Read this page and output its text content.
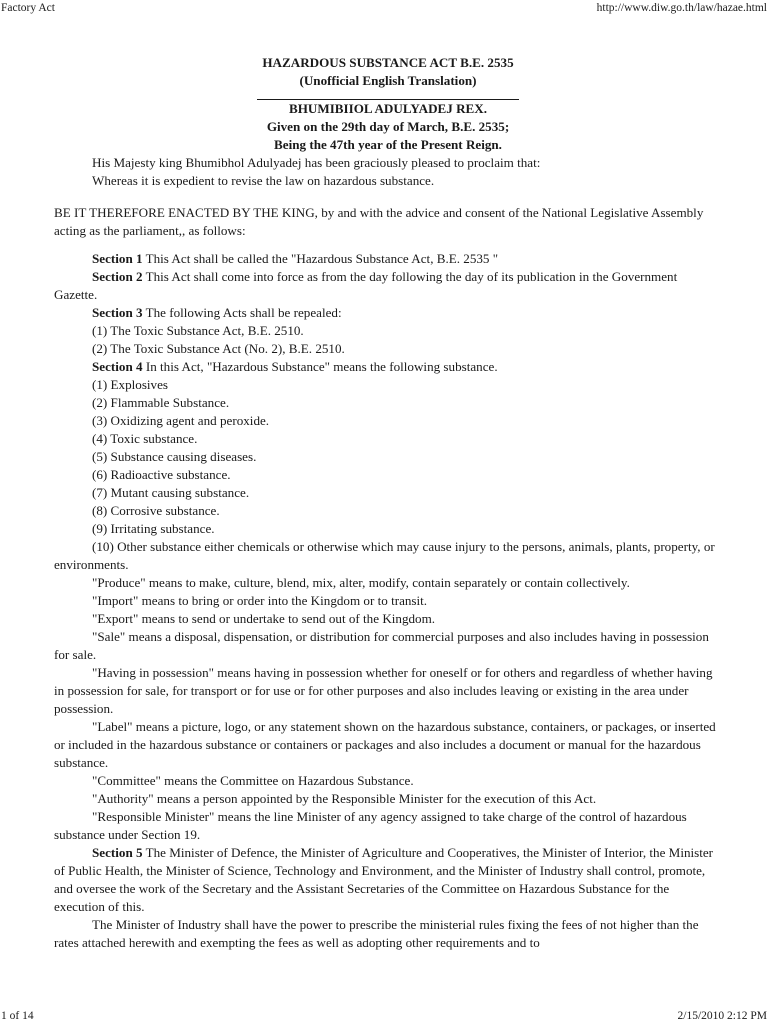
Factory Act	http://www.diw.go.th/law/hazae.html

HAZARDOUS SUBSTANCE ACT B.E. 2535

(Unofficial English Translation)

BHUMIBIIOL ADULYADEJ REX.

Given on the 29th day of March, B.E. 2535;

Being the 47th year of the Present Reign.

His Majesty king Bhumibhol Adulyadej has been graciously pleased to proclaim that:

Whereas it is expedient to revise the law on hazardous substance.

BE IT THEREFORE ENACTED BY THE KING, by and with the advice and consent of the National Legislative Assembly acting as the parliament,, as follows:

Section 1 This Act shall be called the "Hazardous Substance Act, B.E. 2535 "

Section 2 This Act shall come into force as from the day following the day of its publication in the Government Gazette.

Section 3 The following Acts shall be repealed:

(1) The Toxic Substance Act, B.E. 2510.

(2) The Toxic Substance Act (No. 2), B.E. 2510.

Section 4 In this Act, "Hazardous Substance" means the following substance.

(1) Explosives

(2) Flammable Substance.

(3) Oxidizing agent and peroxide.

(4) Toxic substance.

(5) Substance causing diseases.

(6) Radioactive substance.

(7) Mutant causing substance.

(8) Corrosive substance.

(9) Irritating substance.

(10) Other substance either chemicals or otherwise which may cause injury to the persons, animals, plants, property, or environments.

"Produce" means to make, culture, blend, mix, alter, modify, contain separately or contain collectively.

"Import" means to bring or order into the Kingdom or to transit.

"Export" means to send or undertake to send out of the Kingdom.

"Sale" means a disposal, dispensation, or distribution for commercial purposes and also includes having in possession for sale.

"Having in possession" means having in possession whether for oneself or for others and regardless of whether having in possession for sale, for transport or for use or for other purposes and also includes leaving or existing in the area under possession.

"Label" means a picture, logo, or any statement shown on the hazardous substance, containers, or packages, or inserted or included in the hazardous substance or containers or packages and also includes a document or manual for the hazardous substance.

"Committee" means the Committee on Hazardous Substance.

"Authority" means a person appointed by the Responsible Minister for the execution of this Act.

"Responsible Minister" means the line Minister of any agency assigned to take charge of the control of hazardous substance under Section 19.

Section 5 The Minister of Defence, the Minister of Agriculture and Cooperatives, the Minister of Interior, the Minister of Public Health, the Minister of Science, Technology and Environment, and the Minister of Industry shall control, promote, and oversee the work of the Secretary and the Assistant Secretaries of the Committee on Hazardous Substance for the execution of this.

The Minister of Industry shall have the power to prescribe the ministerial rules fixing the fees of not higher than the rates attached herewith and exempting the fees as well as adopting other requirements and to

1 of 14	2/15/2010 2:12 PM
